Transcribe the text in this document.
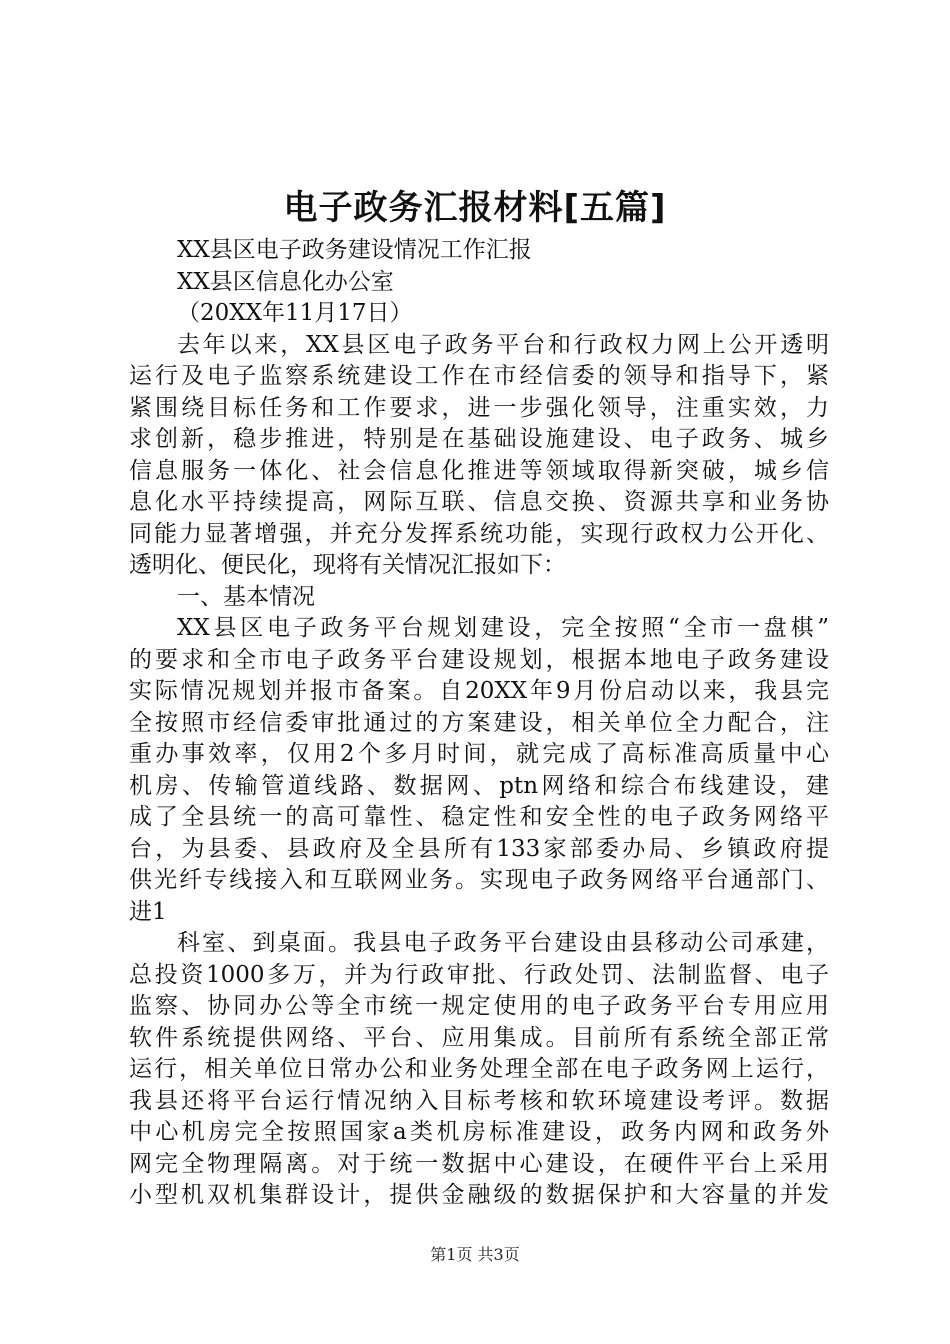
电子政务汇报材料[五篇]
XX县区电子政务建设情况工作汇报
XX县区信息化办公室
（20XX年11月17日）
去年以来，XX县区电子政务平台和行政权力网上公开透明
运行及电子监察系统建设工作在市经信委的领导和指导下，紧
紧围绕目标任务和工作要求，进一步强化领导，注重实效，力
求创新，稳步推进，特别是在基础设施建设、电子政务、城乡
信息服务一体化、社会信息化推进等领域取得新突破，城乡信
息化水平持续提高，网际互联、信息交换、资源共享和业务协
同能力显著增强，并充分发挥系统功能，实现行政权力公开化、
透明化、便民化，现将有关情况汇报如下：
一、基本情况
XX县区电子政务平台规划建设，完全按照“全市一盘棋”
的要求和全市电子政务平台建设规划，根据本地电子政务建设
实际情况规划并报市备案。自20XX年9月份启动以来，我县完
全按照市经信委审批通过的方案建设，相关单位全力配合，注
重办事效率，仅用2个多月时间，就完成了高标准高质量中心
机房、传输管道线路、数据网、ptn网络和综合布线建设，建
成了全县统一的高可靠性、稳定性和安全性的电子政务网络平
台，为县委、县政府及全县所有133家部委办局、乡镇政府提
供光纤专线接入和互联网业务。实现电子政务网络平台通部门、
进1
科室、到桌面。我县电子政务平台建设由县移动公司承建，
总投资1000多万，并为行政审批、行政处罚、法制监督、电子
监察、协同办公等全市统一规定使用的电子政务平台专用应用
软件系统提供网络、平台、应用集成。目前所有系统全部正常
运行，相关单位日常办公和业务处理全部在电子政务网上运行，
我县还将平台运行情况纳入目标考核和软环境建设考评。数据
中心机房完全按照国家a类机房标准建设，政务内网和政务外
网完全物理隔离。对于统一数据中心建设，在硬件平台上采用
小型机双机集群设计，提供金融级的数据保护和大容量的并发
第1页 共3页
